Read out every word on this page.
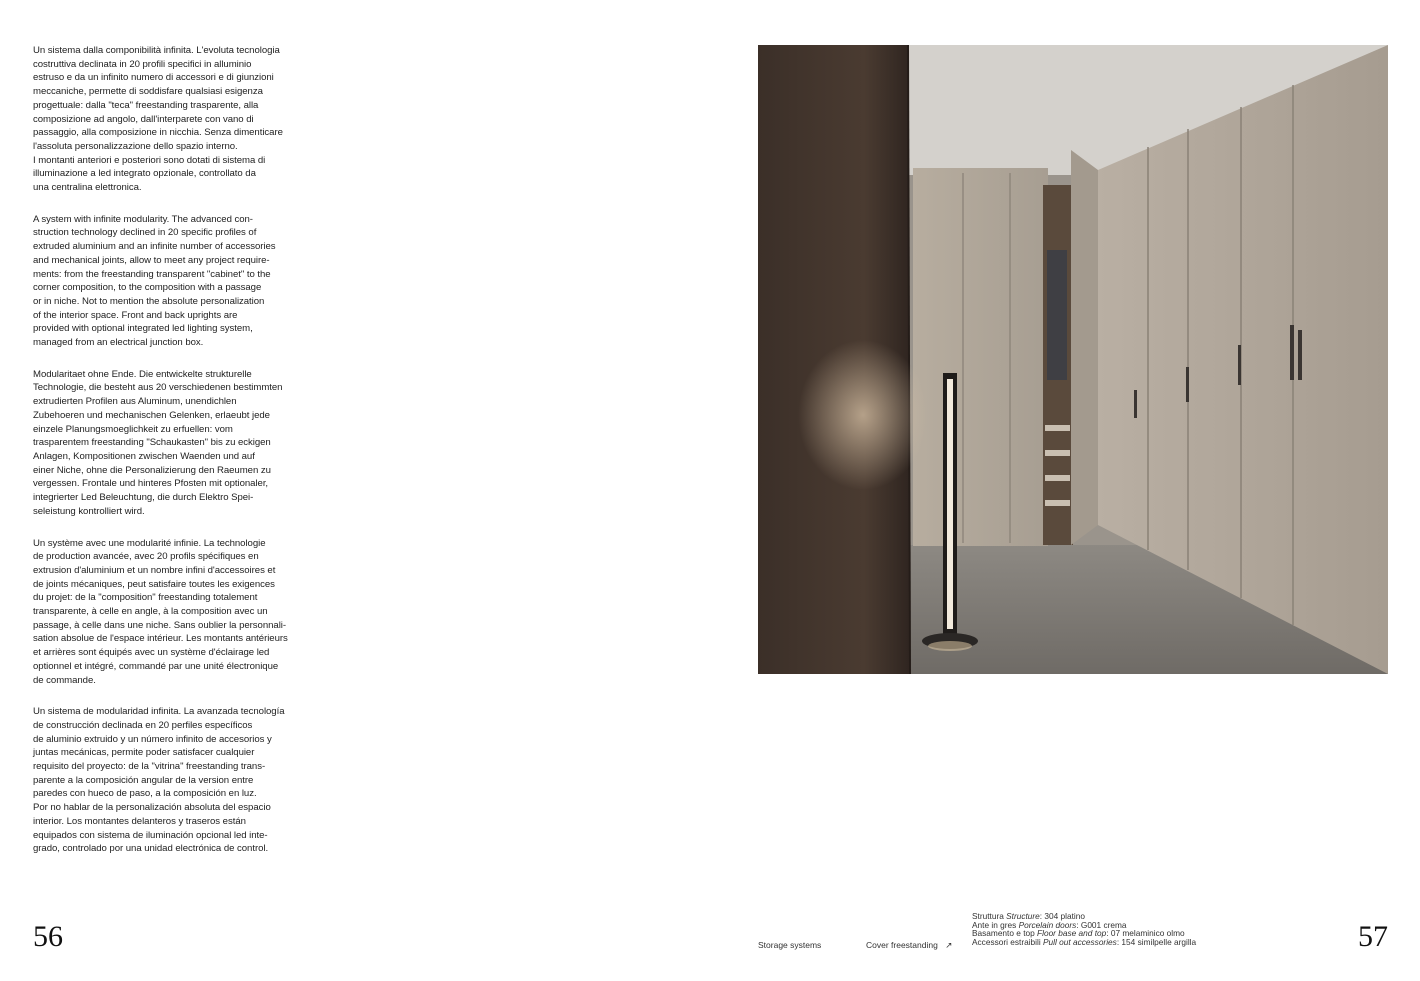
Un sistema dalla componibilità infinita. L'evoluta tecnologia
costruttiva declinata in 20 profili specifici in alluminio
estruso e da un infinito numero di accessori e di giunzioni
meccaniche, permette di soddisfare qualsiasi esigenza
progettuale: dalla "teca" freestanding trasparente, alla
composizione ad angolo, dall'interparete con vano di
passaggio, alla composizione in nicchia. Senza dimenticare
l'assoluta personalizzazione dello spazio interno.
I montanti anteriori e posteriori sono dotati di sistema di
illuminazione a led integrato opzionale, controllato da
una centralina elettronica.

A system with infinite modularity. The advanced con-
struction technology declined in 20 specific profiles of
extruded aluminium and an infinite number of accessories
and mechanical joints, allow to meet any project require-
ments: from the freestanding transparent "cabinet" to the
corner composition, to the composition with a passage
or in niche. Not to mention the absolute personalization
of the interior space. Front and back uprights are
provided with optional integrated led lighting system,
managed from an electrical junction box.

Modularitaet ohne Ende. Die entwickelte strukturelle
Technologie, die besteht aus 20 verschiedenen bestimmten
extrudierten Profilen aus Aluminum, unendichlen
Zubehoeren und mechanischen Gelenken, erlaeubt jede
einzele Planungsmoeglichkeit zu erfuellen: vom
trasparentem freestanding "Schaukasten" bis zu eckigen
Anlagen, Kompositionen zwischen Waenden und auf
einer Niche, ohne die Personalizierung den Raeumen zu
vergessen. Frontale und hinteres Pfosten mit optionaler,
integrierter Led Beleuchtung, die durch Elektro Spei-
seleistung kontrolliert wird.

Un système avec une modularité infinie. La technologie
de production avancée, avec 20 profils spécifiques en
extrusion d'aluminium et un nombre infini d'accessoires et
de joints mécaniques, peut satisfaire toutes les exigences
du projet: de la "composition" freestanding totalement
transparente, à celle en angle, à la composition avec un
passage, à celle dans une niche. Sans oublier la personnali-
sation absolue de l'espace intérieur. Les montants antérieurs
et arrières sont équipés avec un système d'éclairage led
optionnel et intégré, commandé par une unité électronique
de commande.

Un sistema de modularidad infinita. La avanzada tecnología
de construcción declinada en 20 perfiles específicos
de aluminio extruido y un número infinito de accesorios y
juntas mecánicas, permite poder satisfacer cualquier
requisito del proyecto: de la "vitrina" freestanding trans-
parente a la composición angular de la version entre
paredes con hueco de paso, a la composición en luz.
Por no hablar de la personalización absoluta del espacio
interior. Los montantes delanteros y traseros están
equipados con sistema de iluminación opcional led inte-
grado, controlado por una unidad electrónica de control.

56	Storage systems	Cover freestanding ↗
Struttura Structure: 304 platino
Ante in gres Porcelain doors: G001 crema
Basamento e top Floor base and top: 07 melaminico olmo
Accessori estraibili Pull out accessories: 154 similpelle argilla	57
